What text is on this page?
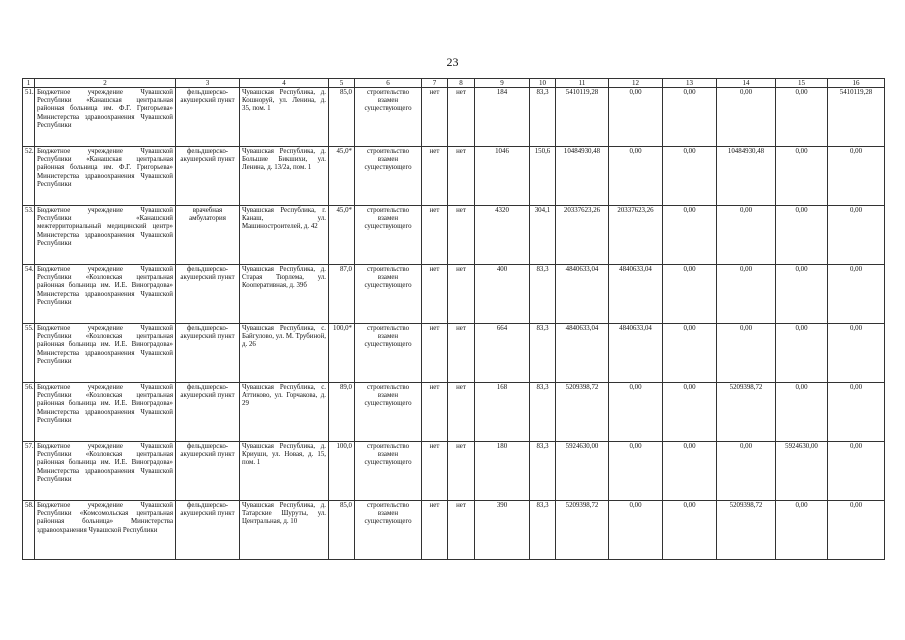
23
1	2	3	4	5	6	7	8	9	10	11	12	13	14	15	16
51.	Бюджетное учреждение Чувашской Республики «Канашская центральная районная больница им. Ф.Г. Григорьева» Министерства здравоохранения Чувашской Республики	фельдшерско-акушерский пункт	Чувашская Республика, д. Кошноруй, ул. Ленина, д. 35, пом. 1	85,0	строительство взамен существующего	нет	нет	184	83,3	5410119,28	0,00	0,00	0,00	0,00	5410119,28
52.	Бюджетное учреждение Чувашской Республики «Канашская центральная районная больница им. Ф.Г. Григорьева» Министерства здравоохранения Чувашской Республики	фельдшерско-акушерский пункт	Чувашская Республика, д. Большие Бикшихи, ул. Ленина, д. 13/2а, пом. 1	45,0*	строительство взамен существующего	нет	нет	1046	150,6	10484930,48	0,00	0,00	10484930,48	0,00	0,00
53.	Бюджетное учреждение Чувашской Республики «Канашский межтерриториальный медицинский центр» Министерства здравоохранения Чувашской Республики	врачебная амбулатория	Чувашская Республика, г. Канаш, ул. Машиностроителей, д. 42	45,0*	строительство взамен существующего	нет	нет	4320	304,1	20337623,26	20337623,26	0,00	0,00	0,00	0,00
54.	Бюджетное учреждение Чувашской Республики «Козловская центральная районная больница им. И.Е. Виноградова» Министерства здравоохранения Чувашской Республики	фельдшерско-акушерский пункт	Чувашская Республика, д. Старая Тюрлема, ул. Кооперативная, д. 39б	87,0	строительство взамен существующего	нет	нет	400	83,3	4840633,04	4840633,04	0,00	0,00	0,00	0,00
55.	Бюджетное учреждение Чувашской Республики «Козловская центральная районная больница им. И.Е. Виноградова» Министерства здравоохранения Чувашской Республики	фельдшерско-акушерский пункт	Чувашская Республика, с. Байгулово, ул. М. Трубиной, д. 26	100,0*	строительство взамен существующего	нет	нет	664	83,3	4840633,04	4840633,04	0,00	0,00	0,00	0,00
56.	Бюджетное учреждение Чувашской Республики «Козловская центральная районная больница им. И.Е. Виноградова» Министерства здравоохранения Чувашской Республики	фельдшерско-акушерский пункт	Чувашская Республика, с. Аттиково, ул. Горчакова, д. 29	89,0	строительство взамен существующего	нет	нет	168	83,3	5209398,72	0,00	0,00	5209398,72	0,00	0,00
57.	Бюджетное учреждение Чувашской Республики «Козловская центральная районная больница им. И.Е. Виноградова» Министерства здравоохранения Чувашской Республики	фельдшерско-акушерский пункт	Чувашская Республика, д. Криуши, ул. Новая, д. 15, пом. 1	100,0	строительство взамен существующего	нет	нет	180	83,3	5924630,00	0,00	0,00	0,00	5924630,00	0,00
58.	Бюджетное учреждение Чувашской Республики «Комсомольская центральная районная больница» Министерства здравоохранения Чувашской Республики	фельдшерско-акушерский пункт	Чувашская Республика, д. Татарские Шуруты, ул. Центральная, д. 10	85,0	строительство взамен существующего	нет	нет	390	83,3	5209398,72	0,00	0,00	5209398,72	0,00	0,00
